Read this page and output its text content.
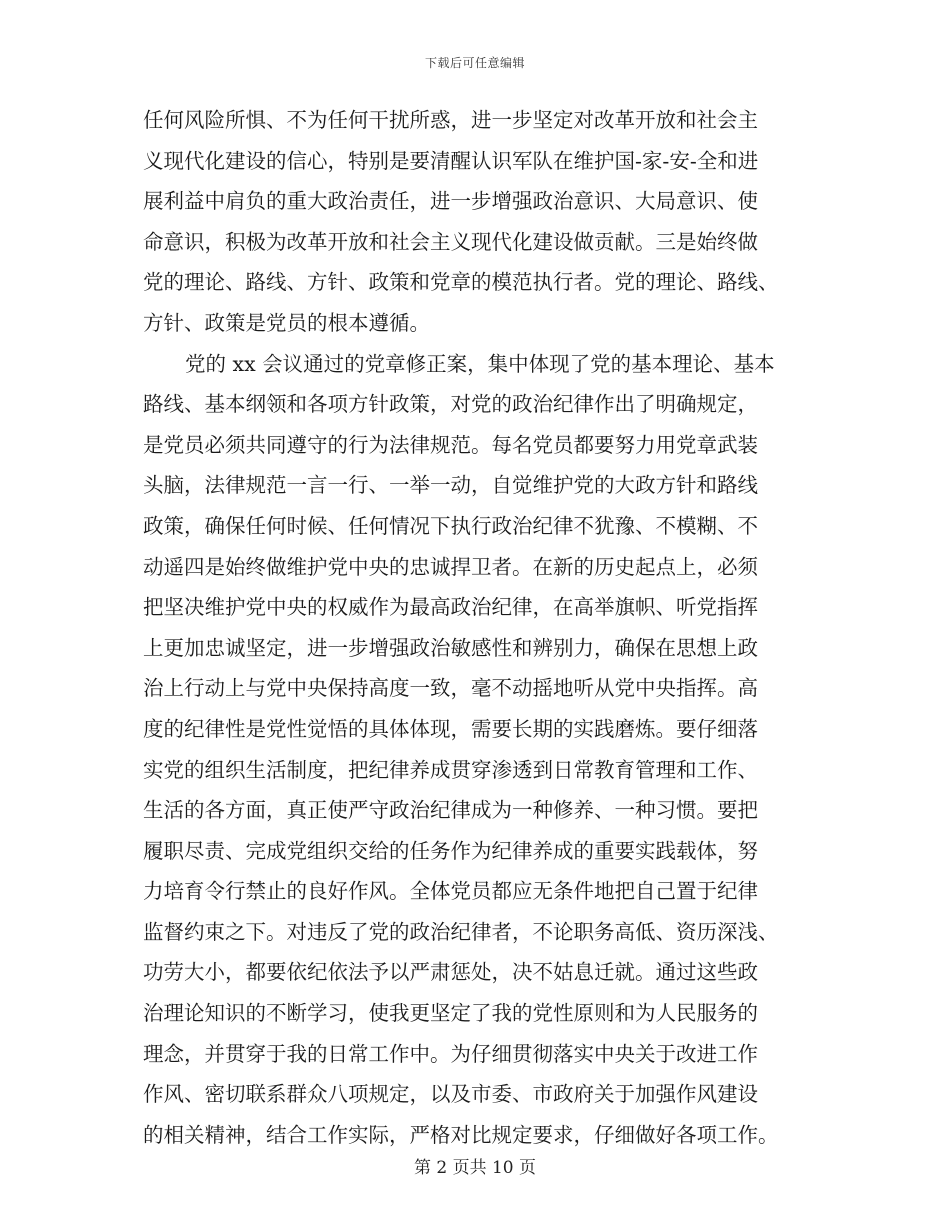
下载后可任意编辑
任何风险所惧、不为任何干扰所惑，进一步坚定对改革开放和社会主
义现代化建设的信心，特别是要清醒认识军队在维护国-家-安-全和进
展利益中肩负的重大政治责任，进一步增强政治意识、大局意识、使
命意识，积极为改革开放和社会主义现代化建设做贡献。三是始终做
党的理论、路线、方针、政策和党章的模范执行者。党的理论、路线、
方针、政策是党员的根本遵循。
党的 xx 会议通过的党章修正案，集中体现了党的基本理论、基本
路线、基本纲领和各项方针政策，对党的政治纪律作出了明确规定，
是党员必须共同遵守的行为法律规范。每名党员都要努力用党章武装
头脑，法律规范一言一行、一举一动，自觉维护党的大政方针和路线
政策，确保任何时候、任何情况下执行政治纪律不犹豫、不模糊、不
动遥四是始终做维护党中央的忠诚捍卫者。在新的历史起点上，必须
把坚决维护党中央的权威作为最高政治纪律，在高举旗帜、听党指挥
上更加忠诚坚定，进一步增强政治敏感性和辨别力，确保在思想上政
治上行动上与党中央保持高度一致，毫不动摇地听从党中央指挥。高
度的纪律性是党性觉悟的具体体现，需要长期的实践磨炼。要仔细落
实党的组织生活制度，把纪律养成贯穿渗透到日常教育管理和工作、
生活的各方面，真正使严守政治纪律成为一种修养、一种习惯。要把
履职尽责、完成党组织交给的任务作为纪律养成的重要实践载体，努
力培育令行禁止的良好作风。全体党员都应无条件地把自己置于纪律
监督约束之下。对违反了党的政治纪律者，不论职务高低、资历深浅、
功劳大小，都要依纪依法予以严肃惩处，决不姑息迁就。通过这些政
治理论知识的不断学习，使我更坚定了我的党性原则和为人民服务的
理念，并贯穿于我的日常工作中。为仔细贯彻落实中央关于改进工作
作风、密切联系群众八项规定，以及市委、市政府关于加强作风建设
的相关精神，结合工作实际，严格对比规定要求，仔细做好各项工作。
第 2 页共 10 页
